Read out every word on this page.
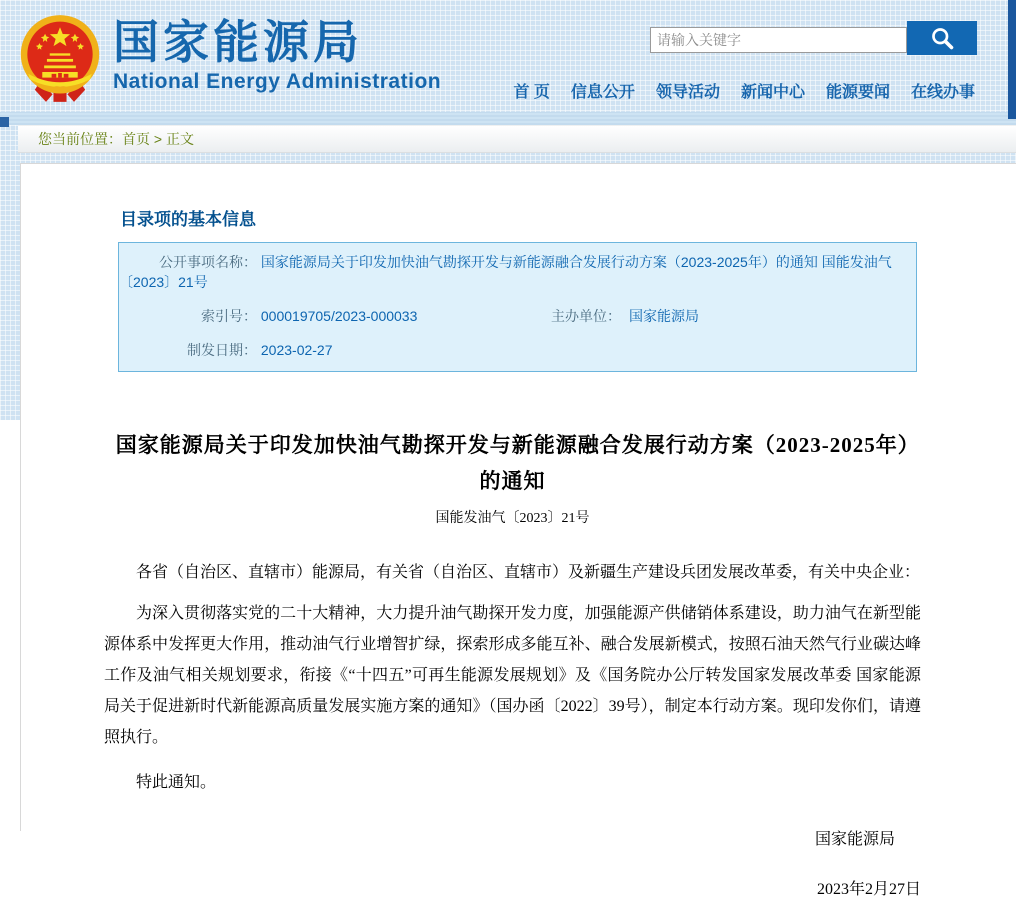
国家能源局
National Energy Administration
请输入关键字	首 页 信息公开 领导活动 新闻中心 能源要闻 在线办事
您当前位置：首页 > 正文
目录项的基本信息
公开事项名称： 国家能源局关于印发加快油气勘探开发与新能源融合发展行动方案（2023-2025年）的通知 国能发油气〔2023〕21号
索引号： 000019705/2023-000033	主办单位： 国家能源局
制发日期： 2023-02-27
国家能源局关于印发加快油气勘探开发与新能源融合发展行动方案（2023-2025年）的通知
国能发油气〔2023〕21号

各省（自治区、直辖市）能源局，有关省（自治区、直辖市）及新疆生产建设兵团发展改革委，有关中央企业：

为深入贯彻落实党的二十大精神，大力提升油气勘探开发力度，加强能源产供储销体系建设，助力油气在新型能源体系中发挥更大作用，推动油气行业增智扩绿，探索形成多能互补、融合发展新模式，按照石油天然气行业碳达峰工作及油气相关规划要求，衔接《“十四五”可再生能源发展规划》及《国务院办公厅转发国家发展改革委 国家能源局关于促进新时代新能源高质量发展实施方案的通知》（国办函〔2022〕39号），制定本行动方案。现印发你们，请遵照执行。

特此通知。

国家能源局
2023年2月27日
